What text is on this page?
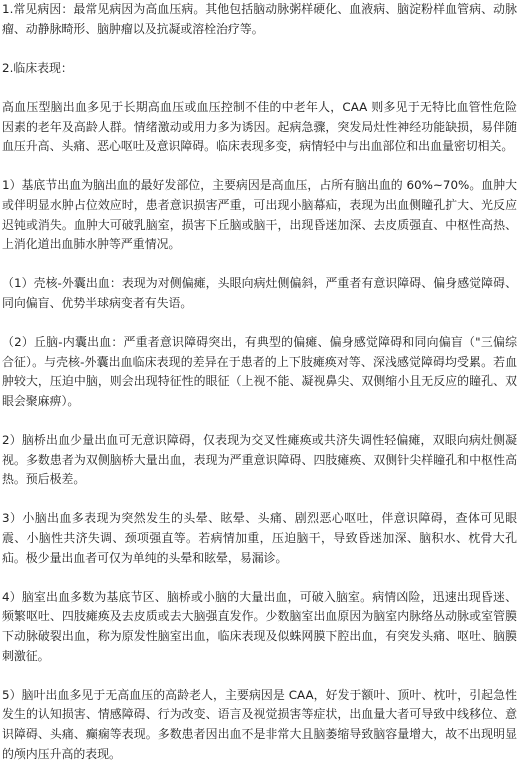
1.常见病因：最常见病因为高血压病。其他包括脑动脉粥样硬化、血液病、脑淀粉样血管病、动脉瘤、动静脉畸形、脑肿瘤以及抗凝或溶栓治疗等。

2.临床表现：

高血压型脑出血多见于长期高血压或血压控制不佳的中老年人，CAA 则多见于无特比血管性危险因素的老年及高龄人群。情绪激动或用力多为诱因。起病急骤，突发局灶性神经功能缺损，易伴随血压升高、头痛、恶心呕吐及意识障碍。临床表现多变，病情轻中与出血部位和出血量密切相关。

1）基底节出血为脑出血的最好发部位，主要病因是高血压，占所有脑出血的 60%~70%。血肿大或伴明显水肿占位效应时，患者意识损害严重，可出现小脑幕疝，表现为出血侧瞳孔扩大、光反应迟钝或消失。血肿大可破乳脑室，损害下丘脑或脑干，出现昏迷加深、去皮质强直、中枢性高热、上消化道出血肺水肿等严重情况。

（1）壳核-外囊出血：表现为对侧偏瘫，头眼向病灶侧偏斜，严重者有意识障碍、偏身感觉障碍、同向偏盲、优势半球病变者有失语。

（2）丘脑-内囊出血：严重者意识障碍突出，有典型的偏瘫、偏身感觉障碍和同向偏盲（"三偏综合征）。与壳核-外囊出血临床表现的差异在于患者的上下肢瘫痪对等、深浅感觉障碍均受累。若血肿较大，压迫中脑，则会出现特征性的眼征（上视不能、凝视鼻尖、双侧缩小且无反应的瞳孔、双眼会聚麻痹）。

2）脑桥出血少量出血可无意识障碍，仅表现为交叉性瘫痪或共济失调性轻偏瘫，双眼向病灶侧凝视。多数患者为双侧脑桥大量出血，表现为严重意识障碍、四肢瘫痪、双侧针尖样瞳孔和中枢性高热。预后极差。

3）小脑出血多表现为突然发生的头晕、眩晕、头痛、剧烈恶心呕吐，伴意识障碍，查体可见眼震、小脑性共济失调、颈项强直等。若病情加重，压迫脑干，导致昏迷加深、脑积水、枕骨大孔疝。极少量出血者可仅为单纯的头晕和眩晕，易漏诊。

4）脑室出血多数为基底节区、脑桥或小脑的大量出血，可破入脑室。病情凶险，迅速出现昏迷、频繁呕吐、四肢瘫痪及去皮质或去大脑强直发作。少数脑室出血原因为脑室内脉络丛动脉或室管膜下动脉破裂出血，称为原发性脑室出血，临床表现及似蛛网膜下腔出血，有突发头痛、呕吐、脑膜刺激征。

5）脑叶出血多见于无高血压的高龄老人，主要病因是 CAA，好发于额叶、顶叶、枕叶，引起急性发生的认知损害、情感障碍、行为改变、语言及视觉损害等症状，出血量大者可导致中线移位、意识障碍、头痛、癫痫等表现。多数患者因出血不是非常大且脑萎缩导致脑容量增大，故不出现明显的颅内压升高的表现。
